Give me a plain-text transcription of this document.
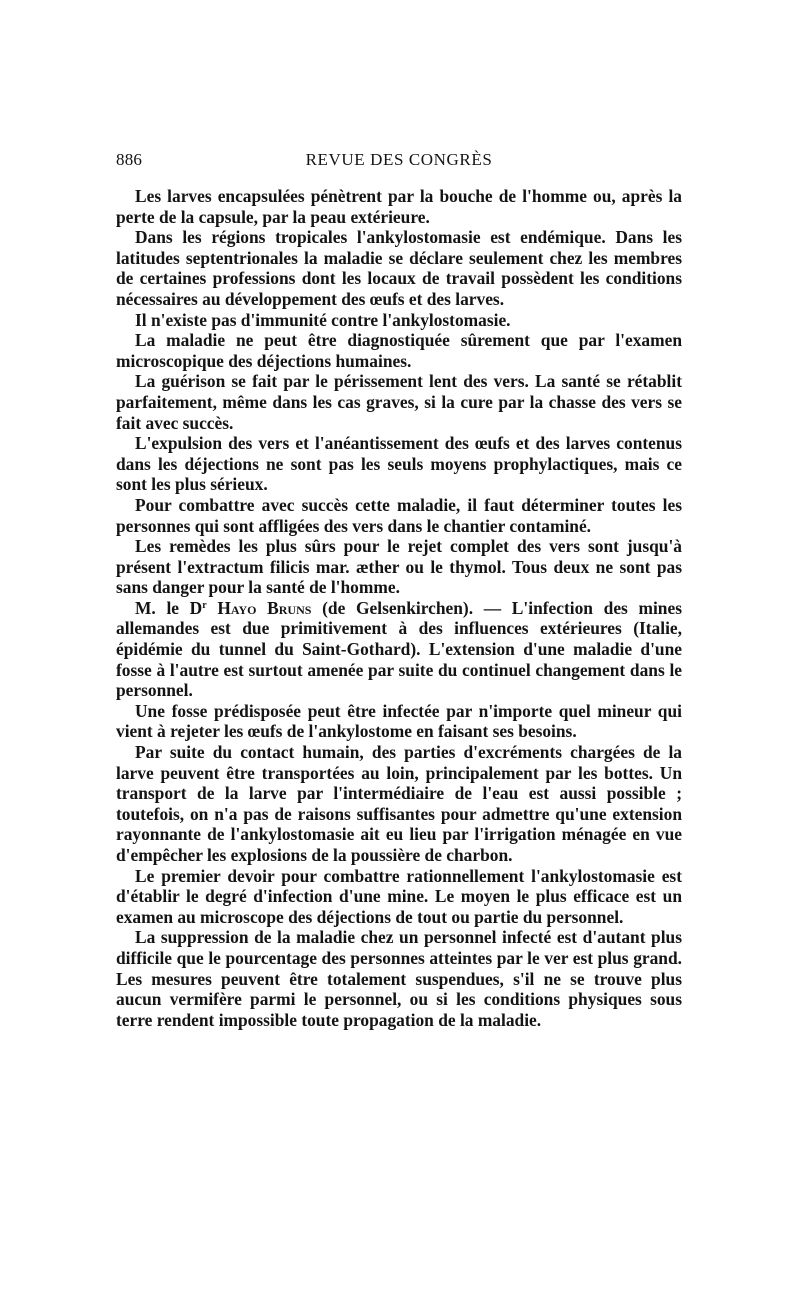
886	REVUE DES CONGRÈS

Les larves encapsulées pénètrent par la bouche de l'homme ou, après la perte de la capsule, par la peau extérieure.

Dans les régions tropicales l'ankylostomasie est endémique. Dans les latitudes septentrionales la maladie se déclare seulement chez les membres de certaines professions dont les locaux de travail possèdent les conditions nécessaires au développement des œufs et des larves.

Il n'existe pas d'immunité contre l'ankylostomasie.

La maladie ne peut être diagnostiquée sûrement que par l'examen microscopique des déjections humaines.

La guérison se fait par le périssement lent des vers. La santé se rétablit parfaitement, même dans les cas graves, si la cure par la chasse des vers se fait avec succès.

L'expulsion des vers et l'anéantissement des œufs et des larves contenus dans les déjections ne sont pas les seuls moyens prophylactiques, mais ce sont les plus sérieux.

Pour combattre avec succès cette maladie, il faut déterminer toutes les personnes qui sont affligées des vers dans le chantier contaminé.

Les remèdes les plus sûrs pour le rejet complet des vers sont jusqu'à présent l'extractum filicis mar. æther ou le thymol. Tous deux ne sont pas sans danger pour la santé de l'homme.

M. le $D^r$ Hayo Bruns (de Gelsenkirchen). — L'infection des mines allemandes est due primitivement à des influences extérieures (Italie, épidémie du tunnel du Saint-Gothard). L'extension d'une maladie d'une fosse à l'autre est surtout amenée par suite du continuel changement dans le personnel.

Une fosse prédisposée peut être infectée par n'importe quel mineur qui vient à rejeter les œufs de l'ankylostome en faisant ses besoins.

Par suite du contact humain, des parties d'excréments chargées de la larve peuvent être transportées au loin, principalement par les bottes. Un transport de la larve par l'intermédiaire de l'eau est aussi possible ; toutefois, on n'a pas de raisons suffisantes pour admettre qu'une extension rayonnante de l'ankylostomasie ait eu lieu par l'irrigation ménagée en vue d'empêcher les explosions de la poussière de charbon.

Le premier devoir pour combattre rationnellement l'ankylostomasie est d'établir le degré d'infection d'une mine. Le moyen le plus efficace est un examen au microscope des déjections de tout ou partie du personnel.

La suppression de la maladie chez un personnel infecté est d'autant plus difficile que le pourcentage des personnes atteintes par le ver est plus grand. Les mesures peuvent être totalement suspendues, s'il ne se trouve plus aucun vermifère parmi le personnel, ou si les conditions physiques sous terre rendent impossible toute propagation de la maladie.
